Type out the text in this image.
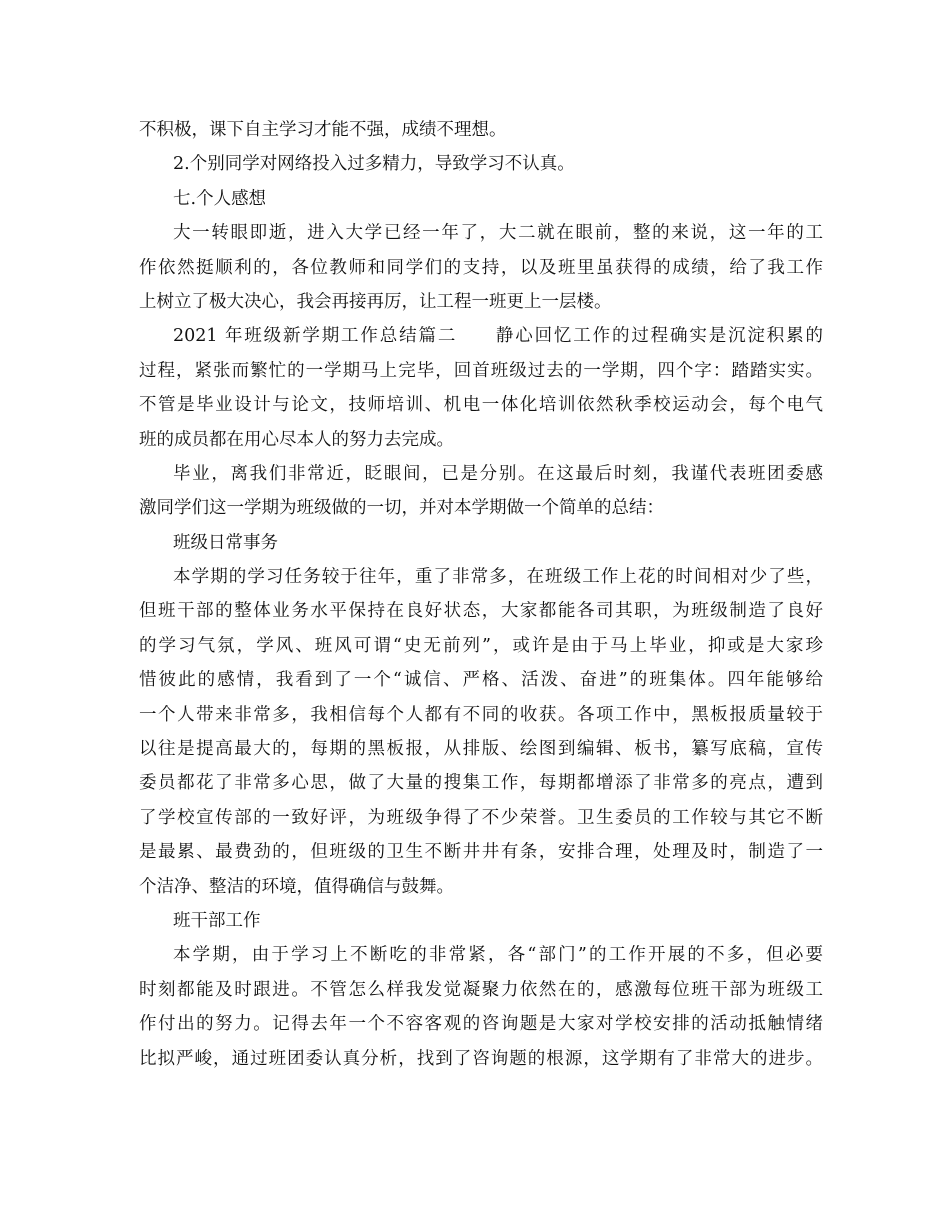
不积极，课下自主学习才能不强，成绩不理想。
2.个别同学对网络投入过多精力，导致学习不认真。
七.个人感想
大一转眼即逝，进入大学已经一年了，大二就在眼前，整的来说，这一年的工
作依然挺顺利的，各位教师和同学们的支持，以及班里虽获得的成绩，给了我工作
上树立了极大决心，我会再接再厉，让工程一班更上一层楼。
2021 年班级新学期工作总结篇二　　静心回忆工作的过程确实是沉淀积累的
过程，紧张而繁忙的一学期马上完毕，回首班级过去的一学期，四个字：踏踏实实。
不管是毕业设计与论文，技师培训、机电一体化培训依然秋季校运动会，每个电气
班的成员都在用心尽本人的努力去完成。
毕业，离我们非常近，眨眼间，已是分别。在这最后时刻，我谨代表班团委感
激同学们这一学期为班级做的一切，并对本学期做一个简单的总结：
班级日常事务
本学期的学习任务较于往年，重了非常多，在班级工作上花的时间相对少了些，
但班干部的整体业务水平保持在良好状态，大家都能各司其职，为班级制造了良好
的学习气氛，学风、班风可谓“史无前列”，或许是由于马上毕业，抑或是大家珍
惜彼此的感情，我看到了一个“诚信、严格、活泼、奋进”的班集体。四年能够给
一个人带来非常多，我相信每个人都有不同的收获。各项工作中，黑板报质量较于
以往是提高最大的，每期的黑板报，从排版、绘图到编辑、板书，纂写底稿，宣传
委员都花了非常多心思，做了大量的搜集工作，每期都增添了非常多的亮点，遭到
了学校宣传部的一致好评，为班级争得了不少荣誉。卫生委员的工作较与其它不断
是最累、最费劲的，但班级的卫生不断井井有条，安排合理，处理及时，制造了一
个洁净、整洁的环境，值得确信与鼓舞。
班干部工作
本学期，由于学习上不断吃的非常紧，各“部门”的工作开展的不多，但必要
时刻都能及时跟进。不管怎么样我发觉凝聚力依然在的，感激每位班干部为班级工
作付出的努力。记得去年一个不容客观的咨询题是大家对学校安排的活动抵触情绪
比拟严峻，通过班团委认真分析，找到了咨询题的根源，这学期有了非常大的进步。
